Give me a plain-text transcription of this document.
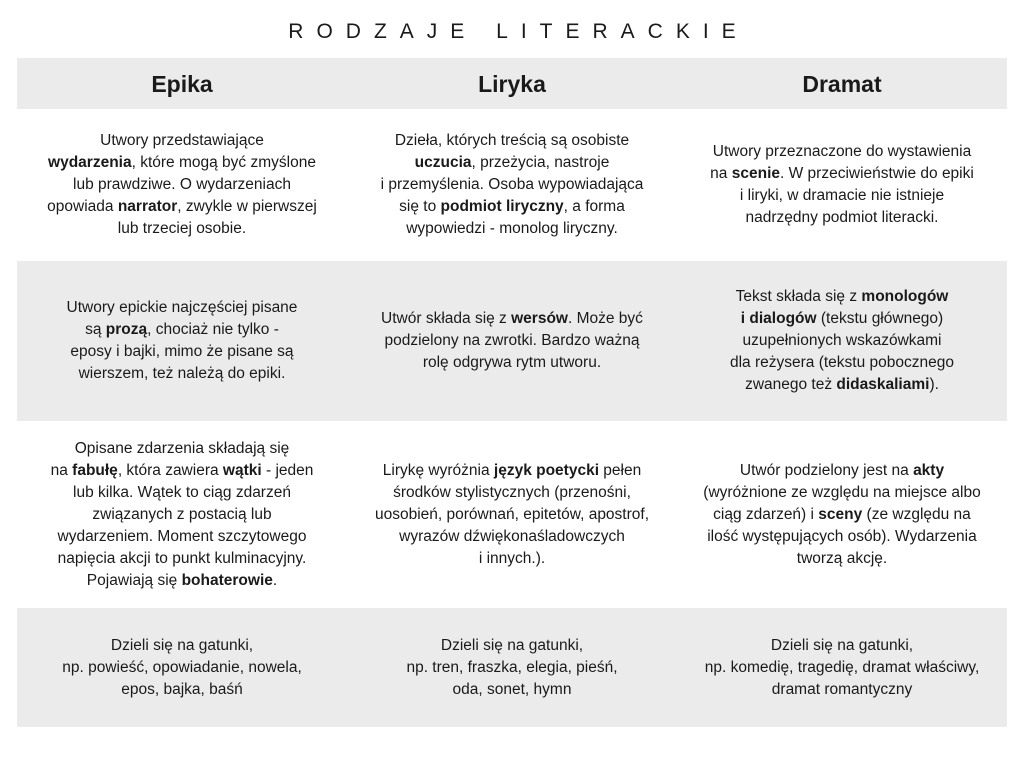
RODZAJE LITERACKIE
Epika	Liryka	Dramat
Utwory przedstawiające
wydarzenia, które mogą być zmyślone
lub prawdziwe. O wydarzeniach
opowiada narrator, zwykle w pierwszej
lub trzeciej osobie.
Dzieła, których treścią są osobiste
uczucia, przeżycia, nastroje
i przemyślenia. Osoba wypowiadająca
się to podmiot liryczny, a forma
wypowiedzi - monolog liryczny.
Utwory przeznaczone do wystawienia
na scenie. W przeciwieństwie do epiki
i liryki, w dramacie nie istnieje
nadrzędny podmiot literacki.
Utwory epickie najczęściej pisane
są prozą, chociaż nie tylko -
eposy i bajki, mimo że pisane są
wierszem, też należą do epiki.
Utwór składa się z wersów. Może być
podzielony na zwrotki. Bardzo ważną
rolę odgrywa rytm utworu.
Tekst składa się z monologów
i dialogów (tekstu głównego)
uzupełnionych wskazówkami
dla reżysera (tekstu pobocznego
zwanego też didaskaliami).
Opisane zdarzenia składają się
na fabułę, która zawiera wątki - jeden
lub kilka. Wątek to ciąg zdarzeń
związanych z postacią lub
wydarzeniem. Moment szczytowego
napięcia akcji to punkt kulminacyjny.
Pojawiają się bohaterowie.
Lirykę wyróżnia język poetycki pełen
środków stylistycznych (przenośni,
uosobień, porównań, epitetów, apostrof,
wyrazów dźwiękonaśladowczych
i innych.).
Utwór podzielony jest na akty
(wyróżnione ze względu na miejsce albo
ciąg zdarzeń) i sceny (ze względu na
ilość występujących osób). Wydarzenia
tworzą akcję.
Dzieli się na gatunki,
np. powieść, opowiadanie, nowela,
epos, bajka, baśń
Dzieli się na gatunki,
np. tren, fraszka, elegia, pieśń,
oda, sonet, hymn
Dzieli się na gatunki,
np. komedię, tragedię, dramat właściwy,
dramat romantyczny
